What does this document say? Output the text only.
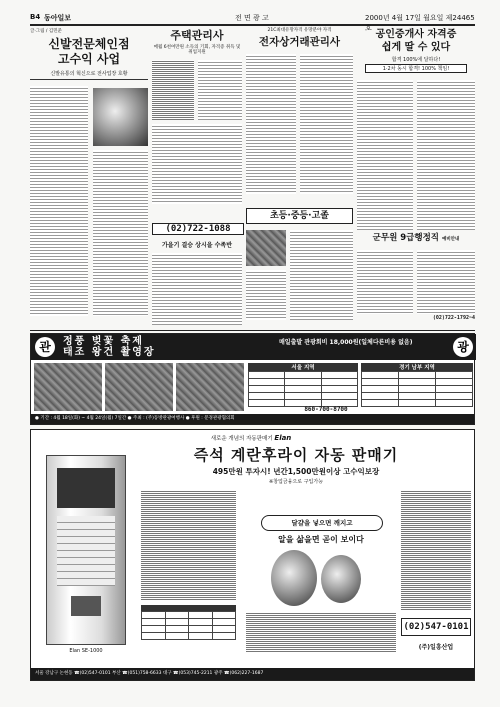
B4 동아일보	전 면 광 고	2000년 4월 17일 월요일 제24465호
글·그림 / 김민준
신발전문체인점
고수익 사업
신발유통의 혁신으로 전사업장 호황
주택관리사
매월 6천여만원 소득의 기회, 자격증 취득 및 취업지원
(02)722-1088
가을기 결승 상시을 수족반
21C최대유망자격 유망분야 자격
전자상거래관리사
초등·중등·고졸
공인중개사 자격증
쉽게 딸 수 있다
합격 100%에 달하다!
1·2차 동시 합격! 100% 책임!
군무원 9급행정직 예비안내
(02)722-1792~4
관	정풍 벚꽃 축제
태조 왕건 촬영장
매일출발 관광회비 18,000원(일체다른비용 없음)	광
서울 지역

			경기 남부 지역

860-700-8700
● 기간 : 4월 18일(화) ~ 4월 24일(월) 7일간 ● 주최 : (주)동방관광여행사 ● 후원 : 문경관광협의회
새로운 개념의 자동판매기 Elan
즉석 계란후라이 자동 판매기
495만원 투자시! 년간1,500만원이상 고수익보장
※창업금융으로 구입가능
Elan SE-1000

달걀을 넣으면 깨지고
알을 삶을면 곧이 보이다
(02)547-0101
(주)일흥산업
서울 강남구 논현동 ☎(02)547-0101 부산 ☎(051)758-6633 대구 ☎(053)745-2211 광주 ☎(062)227-1687
